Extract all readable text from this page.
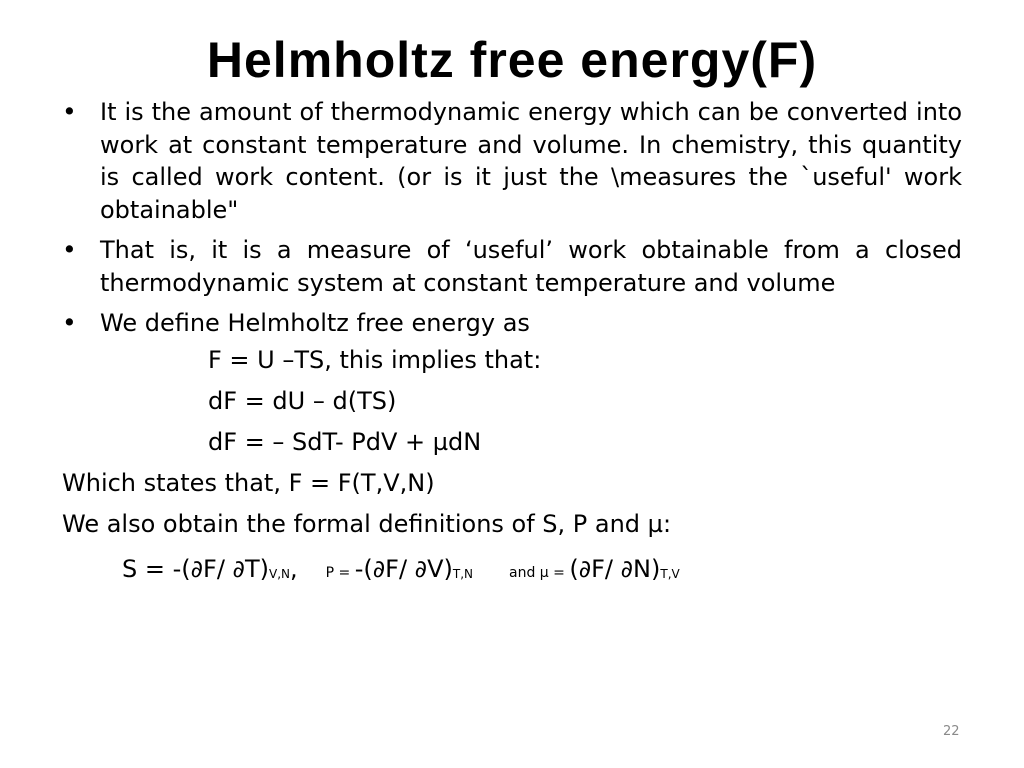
Helmholtz free energy(F)
• It is the amount of thermodynamic energy which can be converted into work at constant temperature and volume. In chemistry, this quantity is called work content. (or is it just the \measures the `useful' work obtainable"
• That is, it is a measure of ‘useful’ work obtainable from a closed thermodynamic system at constant temperature and volume
• We define Helmholtz free energy as

F = U –TS, this implies that:

dF = dU – d(TS)

dF = – SdT- PdV + µdN

Which states that, F = F(T,V,N)

We also obtain the formal definitions of S, P and µ:

S = -(∂F/ ∂T)V,N, P = -(∂F/ ∂V)T,N	and µ = (∂F/ ∂N)T,V
22
